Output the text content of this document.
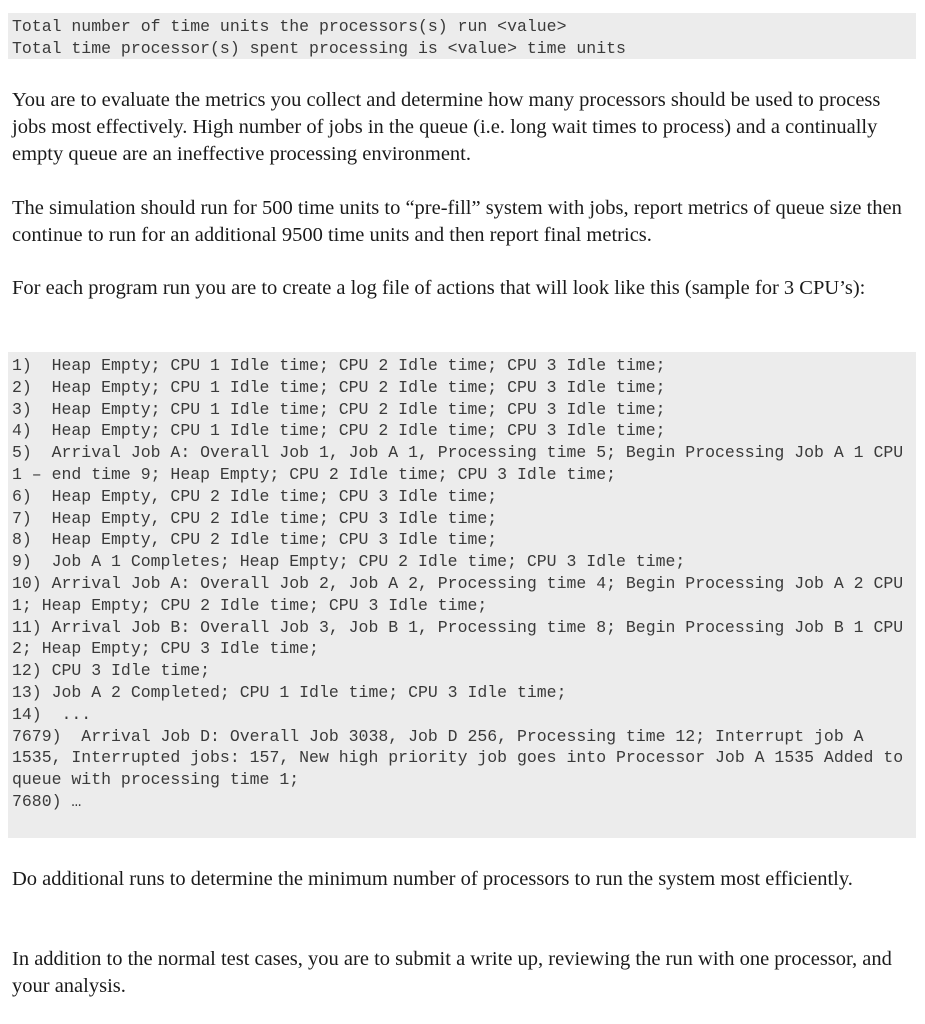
Total number of time units the processors(s) run <value>
Total time processor(s) spent processing is <value> time units

You are to evaluate the metrics you collect and determine how many processors should be used to process jobs most effectively. High number of jobs in the queue (i.e. long wait times to process) and a continually empty queue are an ineffective processing environment.

The simulation should run for 500 time units to “pre-fill” system with jobs, report metrics of queue size then continue to run for an additional 9500 time units and then report final metrics.

For each program run you are to create a log file of actions that will look like this (sample for 3 CPU’s):

1)  Heap Empty; CPU 1 Idle time; CPU 2 Idle time; CPU 3 Idle time;
2)  Heap Empty; CPU 1 Idle time; CPU 2 Idle time; CPU 3 Idle time;
3)  Heap Empty; CPU 1 Idle time; CPU 2 Idle time; CPU 3 Idle time;
4)  Heap Empty; CPU 1 Idle time; CPU 2 Idle time; CPU 3 Idle time;
5)  Arrival Job A: Overall Job 1, Job A 1, Processing time 5; Begin Processing Job A 1 CPU 1 – end time 9; Heap Empty; CPU 2 Idle time; CPU 3 Idle time;
6)  Heap Empty, CPU 2 Idle time; CPU 3 Idle time;
7)  Heap Empty, CPU 2 Idle time; CPU 3 Idle time;
8)  Heap Empty, CPU 2 Idle time; CPU 3 Idle time;
9)  Job A 1 Completes; Heap Empty; CPU 2 Idle time; CPU 3 Idle time;
10) Arrival Job A: Overall Job 2, Job A 2, Processing time 4; Begin Processing Job A 2 CPU 1; Heap Empty; CPU 2 Idle time; CPU 3 Idle time;
11) Arrival Job B: Overall Job 3, Job B 1, Processing time 8; Begin Processing Job B 1 CPU 2; Heap Empty; CPU 3 Idle time;
12) CPU 3 Idle time;
13) Job A 2 Completed; CPU 1 Idle time; CPU 3 Idle time;
14)  ...
7679)  Arrival Job D: Overall Job 3038, Job D 256, Processing time 12; Interrupt job A 1535, Interrupted jobs: 157, New high priority job goes into Processor Job A 1535 Added to queue with processing time 1;
7680) …

Do additional runs to determine the minimum number of processors to run the system most efficiently.

In addition to the normal test cases, you are to submit a write up, reviewing the run with one processor, and your analysis.
